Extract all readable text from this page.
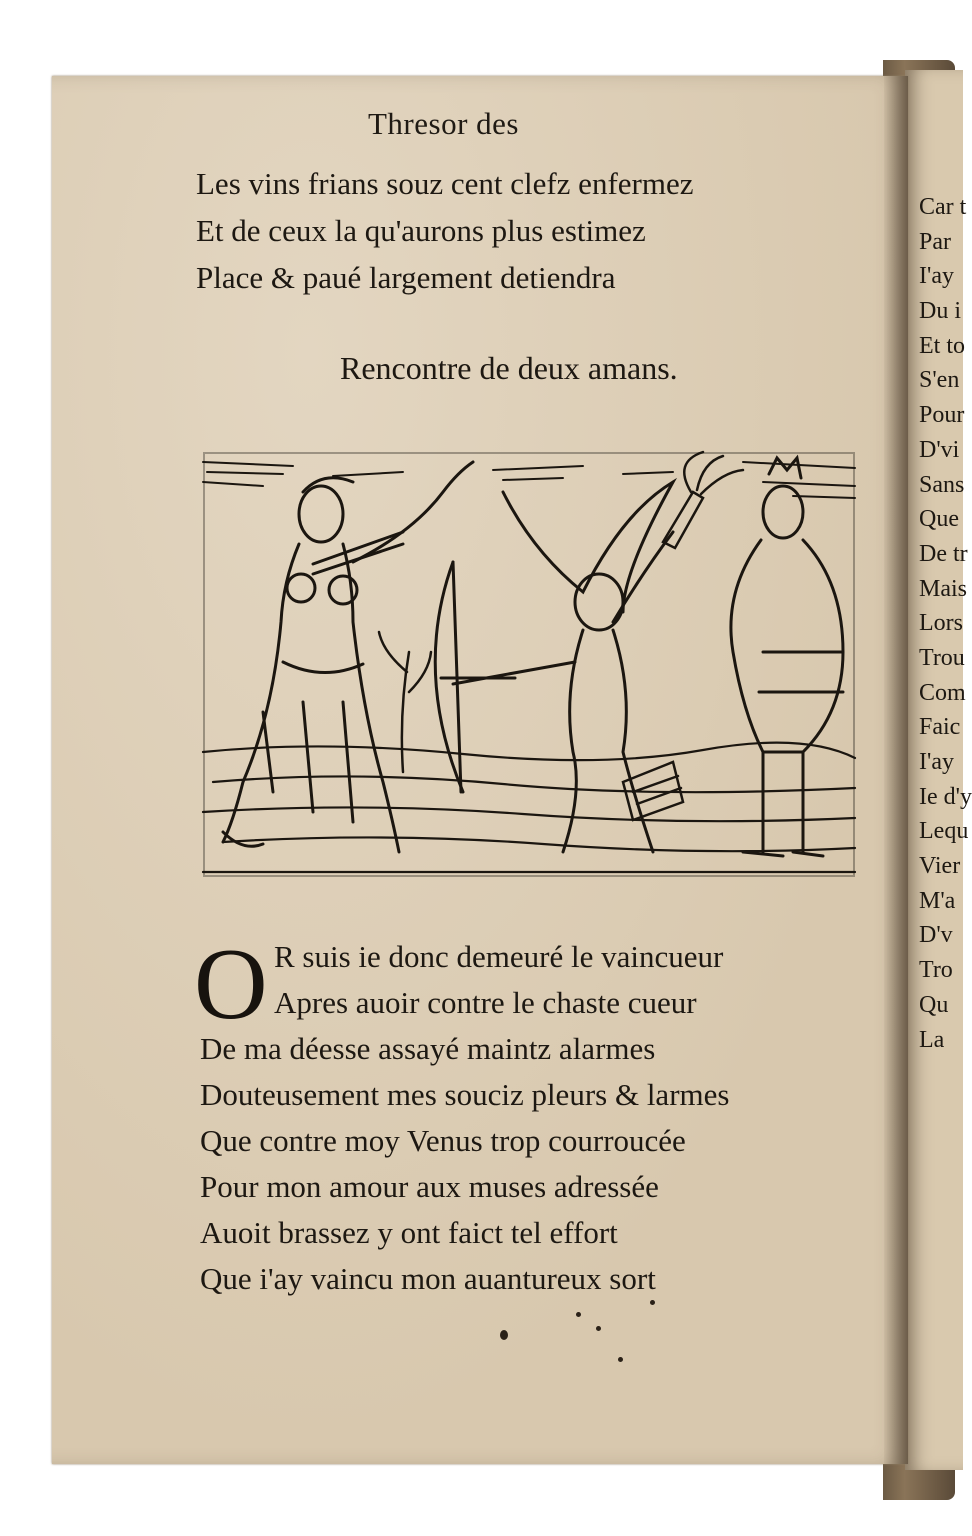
Car t
Par
I'ay
Du i
Et to
S'en
Pour
D'vi
Sans
Que
De tr
Mais
Lors
Trou
Com
Faic
I'ay
Ie d'y
Lequ
Vier
M'a
D'v
Tro
Qu
La
Thresor des
Les vins frians souz cent clefz enfermez
Et de ceux la qu'aurons plus estimez
Place & paué largement detiendra
Rencontre de deux amans.
O R suis ie donc demeuré le vaincueur
Apres auoir contre le chaste cueur
De ma déesse assayé maintz alarmes
Douteusement mes souciz pleurs & larmes
Que contre moy Venus trop courroucée
Pour mon amour aux muses adressée
Auoit brassez y ont faict tel effort
Que i'ay vaincu mon auantureux sort
